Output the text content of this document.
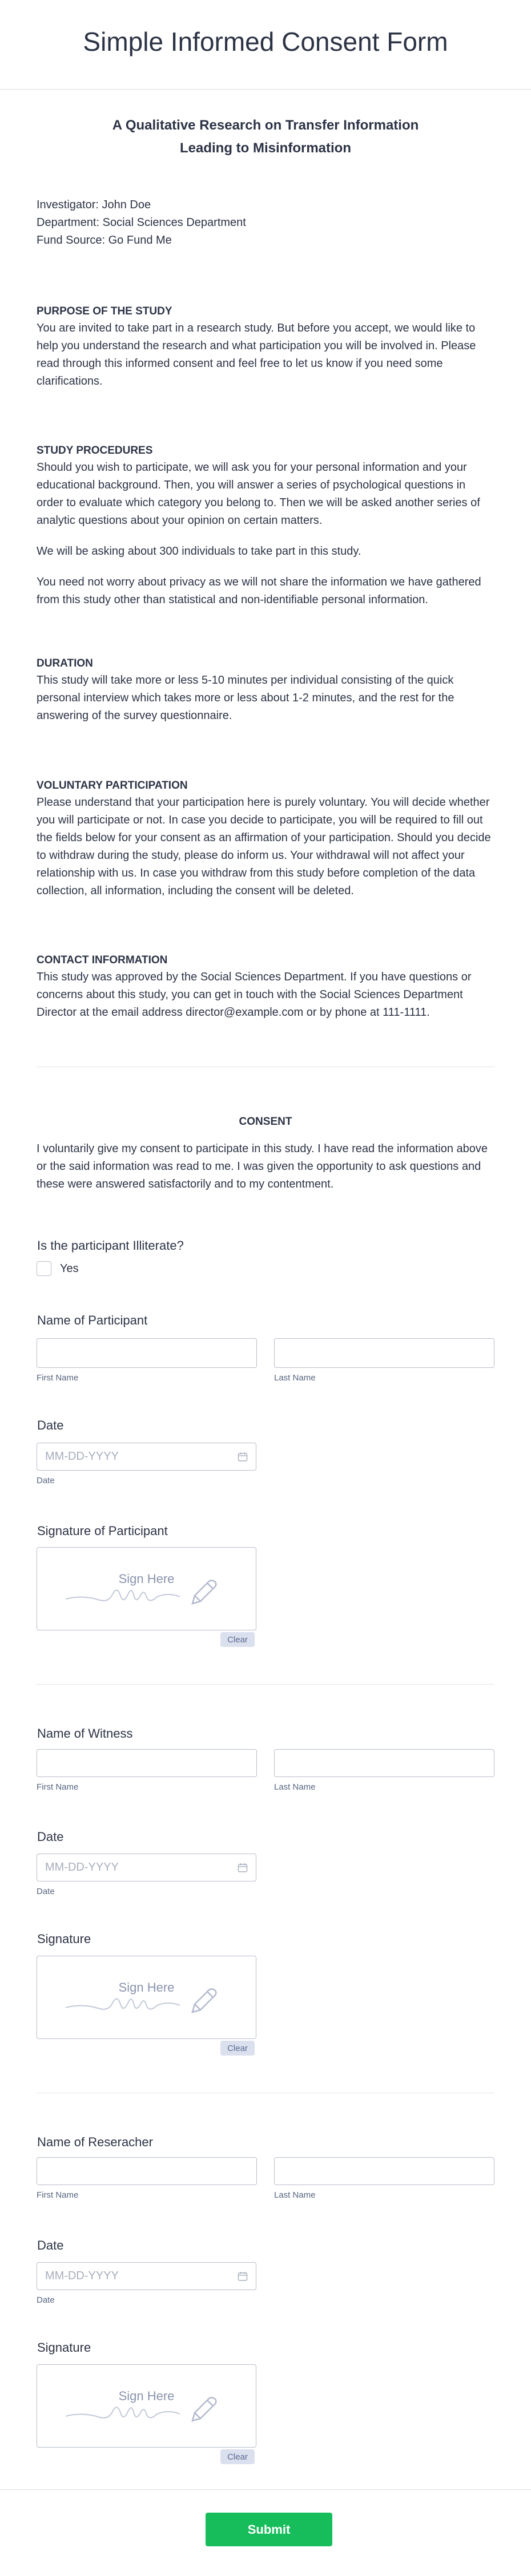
Simple Informed Consent Form
A Qualitative Research on Transfer Information
Leading to Misinformation
Investigator: John Doe
Department: Social Sciences Department
Fund Source: Go Fund Me
PURPOSE OF THE STUDY

You are invited to take part in a research study. But before you accept, we would like to help you understand the research and what participation you will be involved in. Please read through this informed consent and feel free to let us know if you need some clarifications.

STUDY PROCEDURES

Should you wish to participate, we will ask you for your personal information and your educational background. Then, you will answer a series of psychological questions in order to evaluate which category you belong to. Then we will be asked another series of analytic questions about your opinion on certain matters.

We will be asking about 300 individuals to take part in this study.

You need not worry about privacy as we will not share the information we have gathered from this study other than statistical and non-identifiable personal information.

DURATION

This study will take more or less 5-10 minutes per individual consisting of the quick personal interview which takes more or less about 1-2 minutes, and the rest for the answering of the survey questionnaire.

VOLUNTARY PARTICIPATION

Please understand that your participation here is purely voluntary. You will decide whether you will participate or not. In case you decide to participate, you will be required to fill out the fields below for your consent as an affirmation of your participation. Should you decide to withdraw during the study, please do inform us. Your withdrawal will not affect your relationship with us. In case you withdraw from this study before completion of the data collection, all information, including the consent will be deleted.

CONTACT INFORMATION

This study was approved by the Social Sciences Department. If you have questions or concerns about this study, you can get in touch with the Social Sciences Department Director at the email address director@example.com or by phone at 111-1111.

CONSENT
I voluntarily give my consent to participate in this study. I have read the information above or the said information was read to me. I was given the opportunity to ask questions and these were answered satisfactorily and to my contentment.
Is the participant Illiterate?
Yes
Name of Participant
First Name	Last Name
Date
MM-DD-YYYY
Date
Signature of Participant
Sign Here
Clear
Name of Witness
First Name	Last Name
Date
MM-DD-YYYY
Date
Signature
Sign Here
Clear
Name of Reseracher
First Name	Last Name
Date
MM-DD-YYYY
Date
Signature
Sign Here
Clear
Submit
